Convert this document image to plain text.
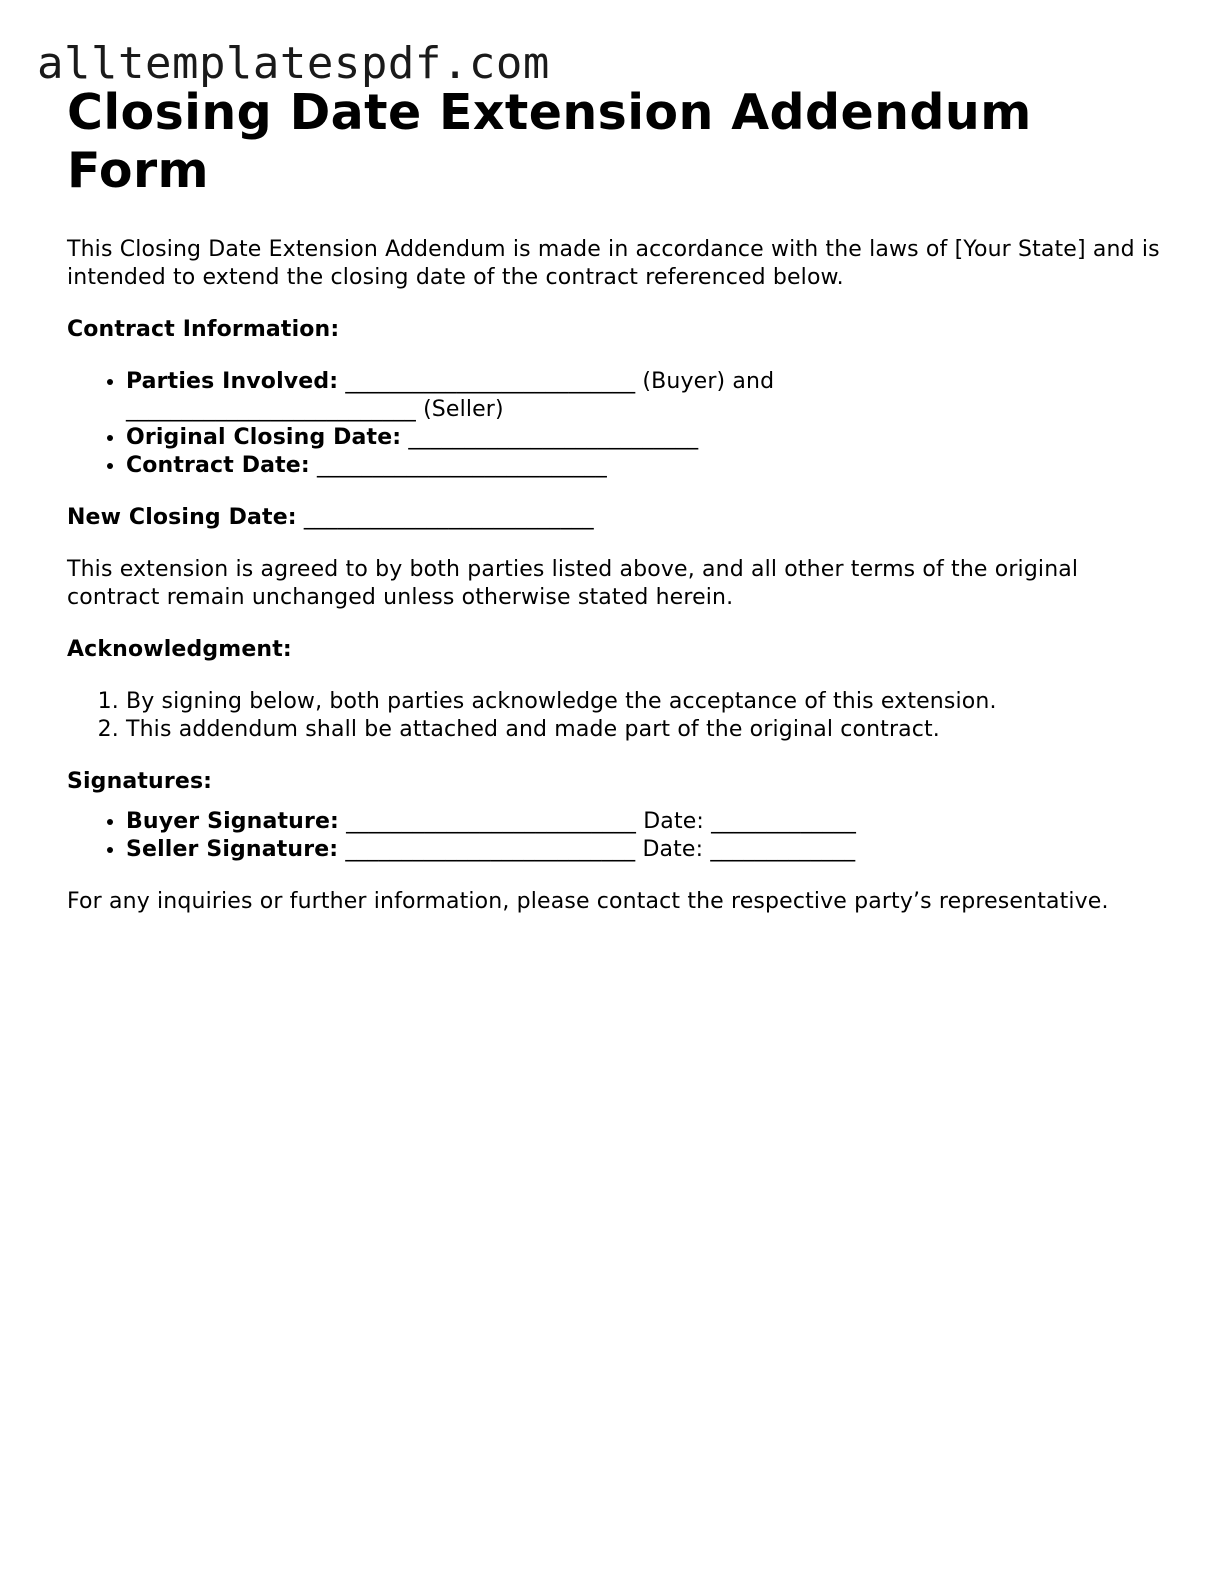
alltemplatespdf.com
Closing Date Extension Addendum Form

This Closing Date Extension Addendum is made in accordance with the laws of [Your State] and is intended to extend the closing date of the contract referenced below.

Contract Information:

• Parties Involved: __________________________ (Buyer) and
__________________________ (Seller)
• Original Closing Date: __________________________
• Contract Date: __________________________

New Closing Date: __________________________

This extension is agreed to by both parties listed above, and all other terms of the original contract remain unchanged unless otherwise stated herein.

Acknowledgment:

1. By signing below, both parties acknowledge the acceptance of this extension.
2. This addendum shall be attached and made part of the original contract.

Signatures:

• Buyer Signature: __________________________ Date: _____________
• Seller Signature: __________________________ Date: _____________

For any inquiries or further information, please contact the respective party’s representative.
